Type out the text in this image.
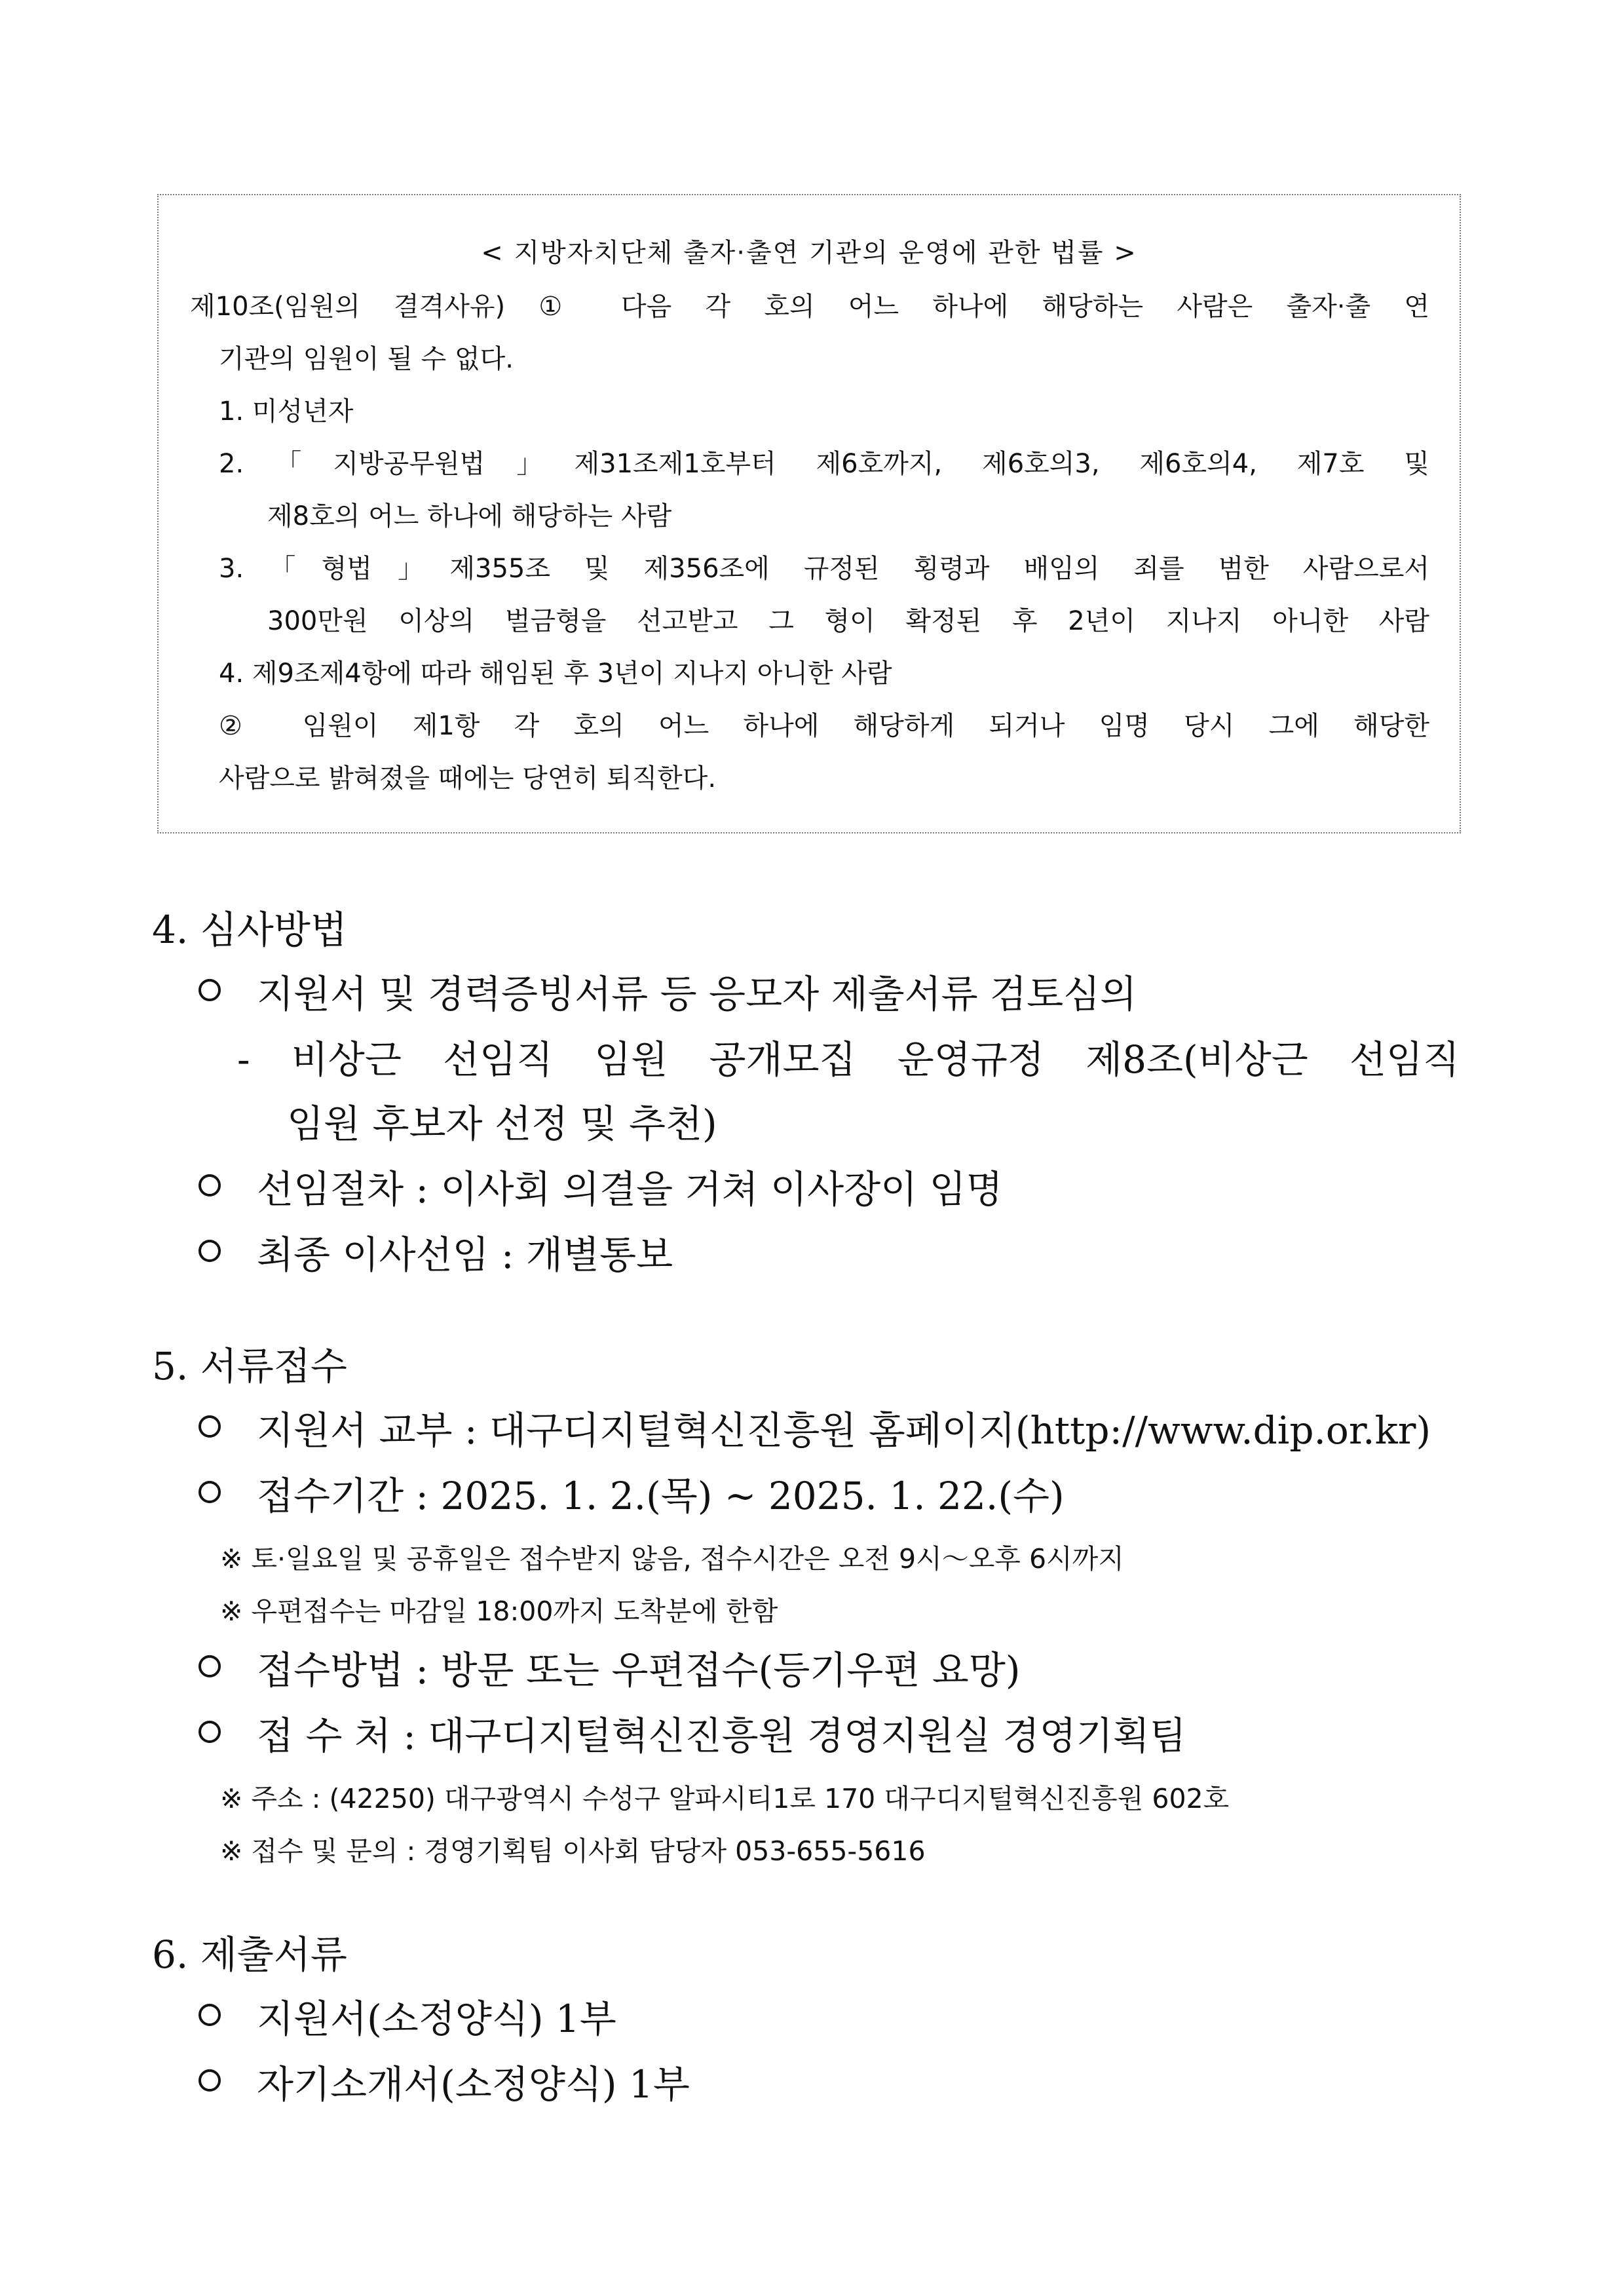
< 지방자치단체 출자·출연 기관의 운영에 관한 법률 >
제10조(임원의 결격사유) ① 다음 각 호의 어느 하나에 해당하는 사람은 출자·출 연
기관의 임원이 될 수 없다.
1. 미성년자
2.「지방공무원법」제31조제1호부터 제6호까지, 제6호의3, 제6호의4, 제7호 및
제8호의 어느 하나에 해당하는 사람
3.「형법」제355조 및 제356조에 규정된 횡령과 배임의 죄를 범한 사람으로서
300만원 이상의 벌금형을 선고받고 그 형이 확정된 후 2년이 지나지 아니한 사람
4. 제9조제4항에 따라 해임된 후 3년이 지나지 아니한 사람
② 임원이 제1항 각 호의 어느 하나에 해당하게 되거나 임명 당시 그에 해당한
사람으로 밝혀졌을 때에는 당연히 퇴직한다.
4. 심사방법
지원서 및 경력증빙서류 등 응모자 제출서류 검토심의
- 비상근 선임직 임원 공개모집 운영규정 제8조(비상근 선임직
임원 후보자 선정 및 추천)
선임절차 : 이사회 의결을 거쳐 이사장이 임명
최종 이사선임 : 개별통보
5. 서류접수
지원서 교부 : 대구디지털혁신진흥원 홈페이지(http://www.dip.or.kr)
접수기간 : 2025. 1. 2.(목) ~ 2025. 1. 22.(수)
※ 토·일요일 및 공휴일은 접수받지 않음, 접수시간은 오전 9시～오후 6시까지
※ 우편접수는 마감일 18:00까지 도착분에 한함
접수방법 : 방문 또는 우편접수(등기우편 요망)
접 수 처 : 대구디지털혁신진흥원 경영지원실 경영기획팀
※ 주소 : (42250) 대구광역시 수성구 알파시티1로 170 대구디지털혁신진흥원 602호
※ 접수 및 문의 : 경영기획팀 이사회 담당자 053-655-5616
6. 제출서류
지원서(소정양식) 1부
자기소개서(소정양식) 1부
